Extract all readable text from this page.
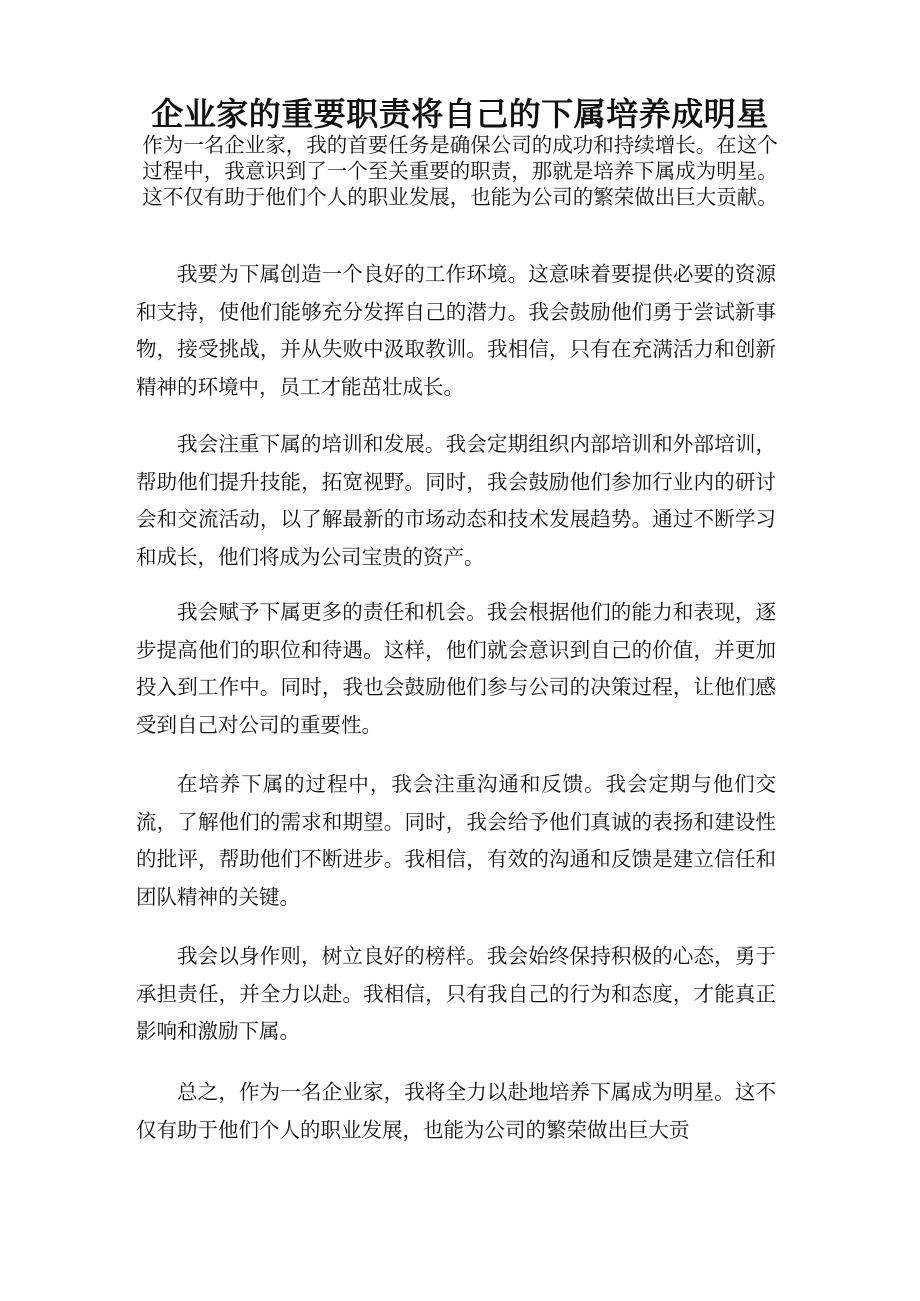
企业家的重要职责将自己的下属培养成明星

作为一名企业家，我的首要任务是确保公司的成功和持续增长。在这个过程中，我意识到了一个至关重要的职责，那就是培养下属成为明星。这不仅有助于他们个人的职业发展，也能为公司的繁荣做出巨大贡献。

我要为下属创造一个良好的工作环境。这意味着要提供必要的资源和支持，使他们能够充分发挥自己的潜力。我会鼓励他们勇于尝试新事物，接受挑战，并从失败中汲取教训。我相信，只有在充满活力和创新精神的环境中，员工才能茁壮成长。

我会注重下属的培训和发展。我会定期组织内部培训和外部培训，帮助他们提升技能，拓宽视野。同时，我会鼓励他们参加行业内的研讨会和交流活动，以了解最新的市场动态和技术发展趋势。通过不断学习和成长，他们将成为公司宝贵的资产。

我会赋予下属更多的责任和机会。我会根据他们的能力和表现，逐步提高他们的职位和待遇。这样，他们就会意识到自己的价值，并更加投入到工作中。同时，我也会鼓励他们参与公司的决策过程，让他们感受到自己对公司的重要性。

在培养下属的过程中，我会注重沟通和反馈。我会定期与他们交流，了解他们的需求和期望。同时，我会给予他们真诚的表扬和建设性的批评，帮助他们不断进步。我相信，有效的沟通和反馈是建立信任和团队精神的关键。

我会以身作则，树立良好的榜样。我会始终保持积极的心态，勇于承担责任，并全力以赴。我相信，只有我自己的行为和态度，才能真正影响和激励下属。

总之，作为一名企业家，我将全力以赴地培养下属成为明星。这不仅有助于他们个人的职业发展，也能为公司的繁荣做出巨大贡
